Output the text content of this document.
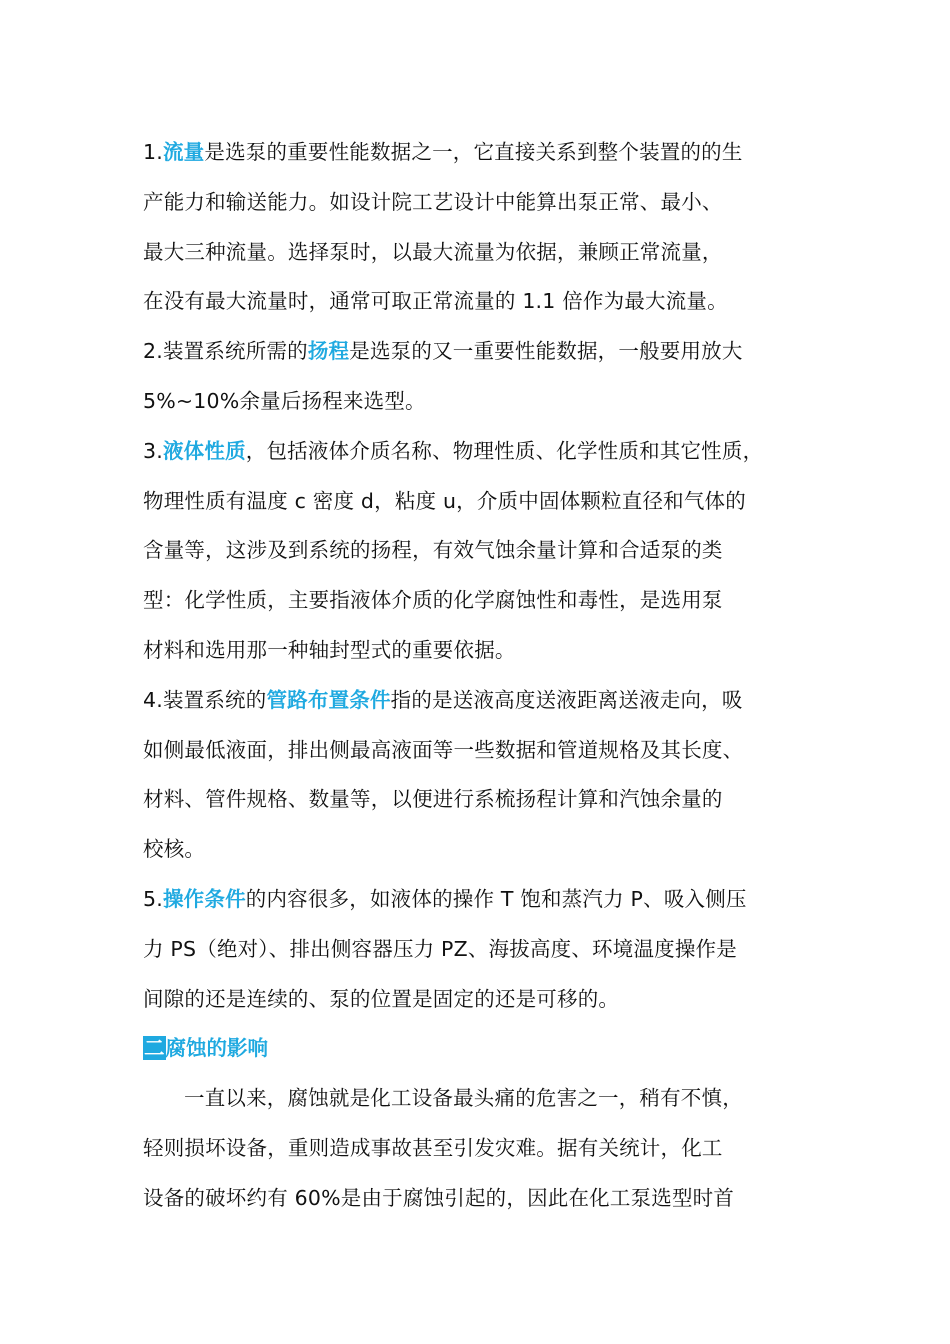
1.流量是选泵的重要性能数据之一，它直接关系到整个装置的的生
产能力和输送能力。如设计院工艺设计中能算出泵正常、最小、
最大三种流量。选择泵时，以最大流量为依据，兼顾正常流量，
在没有最大流量时，通常可取正常流量的 1.1 倍作为最大流量。
2.装置系统所需的扬程是选泵的又一重要性能数据，一般要用放大
5%~10%余量后扬程来选型。
3.液体性质，包括液体介质名称、物理性质、化学性质和其它性质，
物理性质有温度 c 密度 d，粘度 u，介质中固体颗粒直径和气体的
含量等，这涉及到系统的扬程，有效气蚀余量计算和合适泵的类
型：化学性质，主要指液体介质的化学腐蚀性和毒性，是选用泵
材料和选用那一种轴封型式的重要依据。
4.装置系统的管路布置条件指的是送液高度送液距离送液走向，吸
如侧最低液面，排出侧最高液面等一些数据和管道规格及其长度、
材料、管件规格、数量等，以便进行系梳扬程计算和汽蚀余量的
校核。
5.操作条件的内容很多，如液体的操作 T 饱和蒸汽力 P、吸入侧压
力 PS（绝对）、排出侧容器压力 PZ、海拔高度、环境温度操作是
间隙的还是连续的、泵的位置是固定的还是可移的。
二腐蚀的影响
一直以来，腐蚀就是化工设备最头痛的危害之一，稍有不慎，
轻则损坏设备，重则造成事故甚至引发灾难。据有关统计，化工
设备的破坏约有 60%是由于腐蚀引起的，因此在化工泵选型时首
